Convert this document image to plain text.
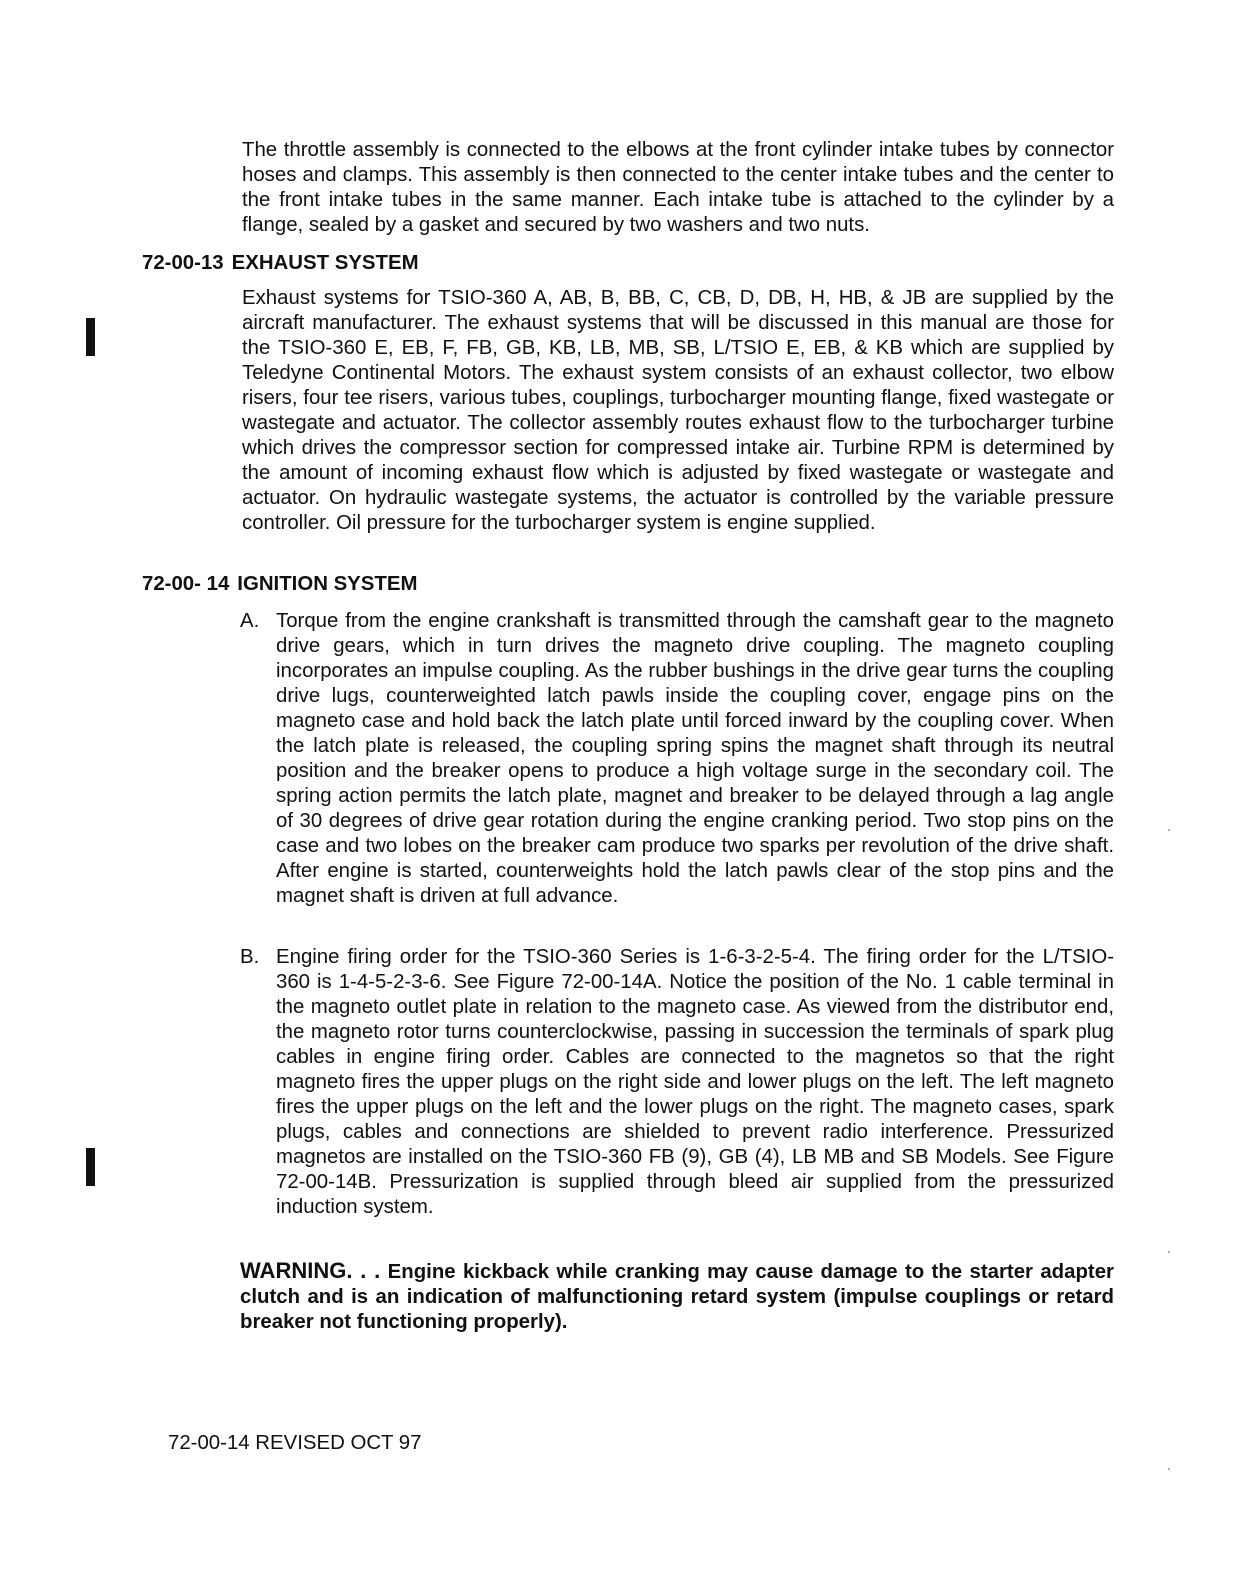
The throttle assembly is connected to the elbows at the front cylinder intake tubes by connector hoses and clamps. This assembly is then connected to the center intake tubes and the center to the front intake tubes in the same manner. Each intake tube is attached to the cylinder by a flange, sealed by a gasket and secured by two washers and two nuts.

72-00-13 EXHAUST SYSTEM

Exhaust systems for TSIO-360 A, AB, B, BB, C, CB, D, DB, H, HB, & JB are supplied by the aircraft manufacturer. The exhaust systems that will be discussed in this manual are those for the TSIO-360 E, EB, F, FB, GB, KB, LB, MB, SB, L/TSIO E, EB, & KB which are supplied by Teledyne Continental Motors. The exhaust system consists of an exhaust collector, two elbow risers, four tee risers, various tubes, couplings, turbocharger mounting flange, fixed wastegate or wastegate and actuator. The collector assembly routes exhaust flow to the turbocharger turbine which drives the compressor section for compressed intake air. Turbine RPM is determined by the amount of incoming exhaust flow which is adjusted by fixed wastegate or wastegate and actuator. On hydraulic wastegate systems, the actuator is controlled by the variable pressure controller. Oil pressure for the turbocharger system is engine supplied.

72-00- 14 IGNITION SYSTEM
A. Torque from the engine crankshaft is transmitted through the camshaft gear to the magneto drive gears, which in turn drives the magneto drive coupling. The magneto coupling incorporates an impulse coupling. As the rubber bushings in the drive gear turns the coupling drive lugs, counterweighted latch pawls inside the coupling cover, engage pins on the magneto case and hold back the latch plate until forced inward by the coupling cover. When the latch plate is released, the coupling spring spins the magnet shaft through its neutral position and the breaker opens to produce a high voltage surge in the secondary coil. The spring action permits the latch plate, magnet and breaker to be delayed through a lag angle of 30 degrees of drive gear rotation during the engine cranking period. Two stop pins on the case and two lobes on the breaker cam produce two sparks per revolution of the drive shaft. After engine is started, counterweights hold the latch pawls clear of the stop pins and the magnet shaft is driven at full advance.
B. Engine firing order for the TSIO-360 Series is 1-6-3-2-5-4. The firing order for the L/TSIO-360 is 1-4-5-2-3-6. See Figure 72-00-14A. Notice the position of the No. 1 cable terminal in the magneto outlet plate in relation to the magneto case. As viewed from the distributor end, the magneto rotor turns counterclockwise, passing in succession the terminals of spark plug cables in engine firing order. Cables are connected to the magnetos so that the right magneto fires the upper plugs on the right side and lower plugs on the left. The left magneto fires the upper plugs on the left and the lower plugs on the right. The magneto cases, spark plugs, cables and connections are shielded to prevent radio interference. Pressurized magnetos are installed on the TSIO-360 FB (9), GB (4), LB MB and SB Models. See Figure 72-00-14B. Pressurization is supplied through bleed air supplied from the pressurized induction system.

WARNING. . . Engine kickback while cranking may cause damage to the starter adapter clutch and is an indication of malfunctioning retard system (impulse couplings or retard breaker not functioning properly).

72-00-14 REVISED OCT 97
